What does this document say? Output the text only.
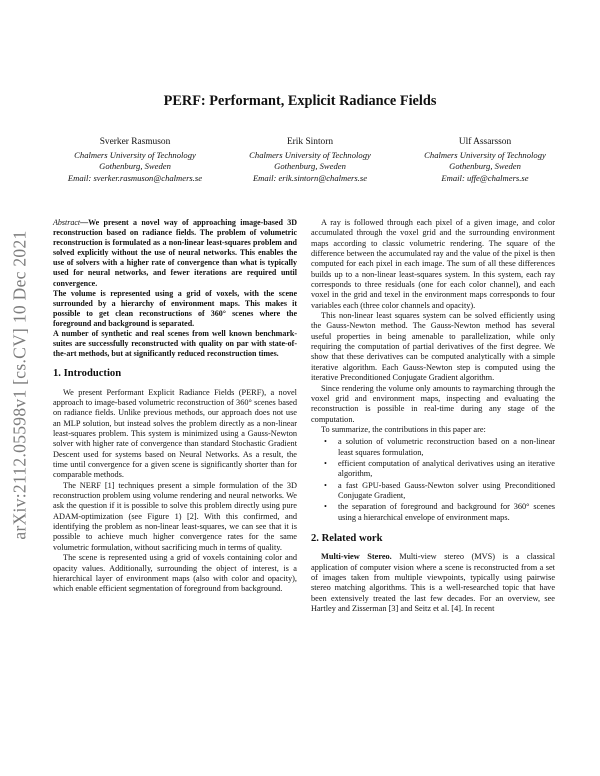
arXiv:2112.05598v1 [cs.CV] 10 Dec 2021
PERF: Performant, Explicit Radiance Fields
Sverker Rasmuson
Chalmers University of Technology
Gothenburg, Sweden
Email: sverker.rasmuson@chalmers.se
Erik Sintorn
Chalmers University of Technology
Gothenburg, Sweden
Email: erik.sintorn@chalmers.se
Ulf Assarsson
Chalmers University of Technology
Gothenburg, Sweden
Email: uffe@chalmers.se

Abstract—We present a novel way of approaching image-based 3D reconstruction based on radiance fields. The problem of volumetric reconstruction is formulated as a non-linear least-squares problem and solved explicitly without the use of neural networks. This enables the use of solvers with a higher rate of convergence than what is typically used for neural networks, and fewer iterations are required until convergence.

The volume is represented using a grid of voxels, with the scene surrounded by a hierarchy of environment maps. This makes it possible to get clean reconstructions of 360° scenes where the foreground and background is separated.

A number of synthetic and real scenes from well known benchmark-suites are successfully reconstructed with quality on par with state-of-the-art methods, but at significantly reduced reconstruction times.

1. Introduction

We present Performant Explicit Radiance Fields (PERF), a novel approach to image-based volumetric reconstruction of 360° scenes based on radiance fields. Unlike previous methods, our approach does not use an MLP solution, but instead solves the problem directly as a non-linear least-squares problem. This system is minimized using a Gauss-Newton solver with higher rate of convergence than standard Stochastic Gradient Descent used for systems based on Neural Networks. As a result, the time until convergence for a given scene is significantly shorter than for comparable methods.

The NERF [1] techniques present a simple formulation of the 3D reconstruction problem using volume rendering and neural networks. We ask the question if it is possible to solve this problem directly using pure ADAM-optimization (see Figure 1) [2]. With this confirmed, and identifying the problem as non-linear least-squares, we can see that it is possible to achieve much higher convergence rates for the same volumetric formulation, without sacrificing much in terms of quality.

The scene is represented using a grid of voxels containing color and opacity values. Additionally, surrounding the object of interest, is a hierarchical layer of environment maps (also with color and opacity), which enable efficient segmentation of foreground from background.

A ray is followed through each pixel of a given image, and color accumulated through the voxel grid and the surrounding environment maps according to classic volumetric rendering. The square of the difference between the accumulated ray and the value of the pixel is then computed for each pixel in each image. The sum of all these differences builds up to a non-linear least-squares system. In this system, each ray corresponds to three residuals (one for each color channel), and each voxel in the grid and texel in the environment maps corresponds to four variables each (three color channels and opacity).

This non-linear least squares system can be solved efficiently using the Gauss-Newton method. The Gauss-Newton method has several useful properties in being amenable to parallelization, while only requiring the computation of partial derivatives of the first degree. We show that these derivatives can be computed analytically with a simple iterative algorithm. Each Gauss-Newton step is computed using the iterative Preconditioned Conjugate Gradient algorithm.

Since rendering the volume only amounts to raymarching through the voxel grid and environment maps, inspecting and evaluating the reconstruction is possible in real-time during any stage of the computation.

To summarize, the contributions in this paper are:

• a solution of volumetric reconstruction based on a non-linear least squares formulation,
• efficient computation of analytical derivatives using an iterative algorithm,
• a fast GPU-based Gauss-Newton solver using Preconditioned Conjugate Gradient,
• the separation of foreground and background for 360° scenes using a hierarchical envelope of environment maps.
2. Related work

Multi-view Stereo. Multi-view stereo (MVS) is a classical application of computer vision where a scene is reconstructed from a set of images taken from multiple viewpoints, typically using pairwise stereo matching algorithms. This is a well-researched topic that have been extensively treated the last few decades. For an overview, see Hartley and Zisserman [3] and Seitz et al. [4]. In recent
